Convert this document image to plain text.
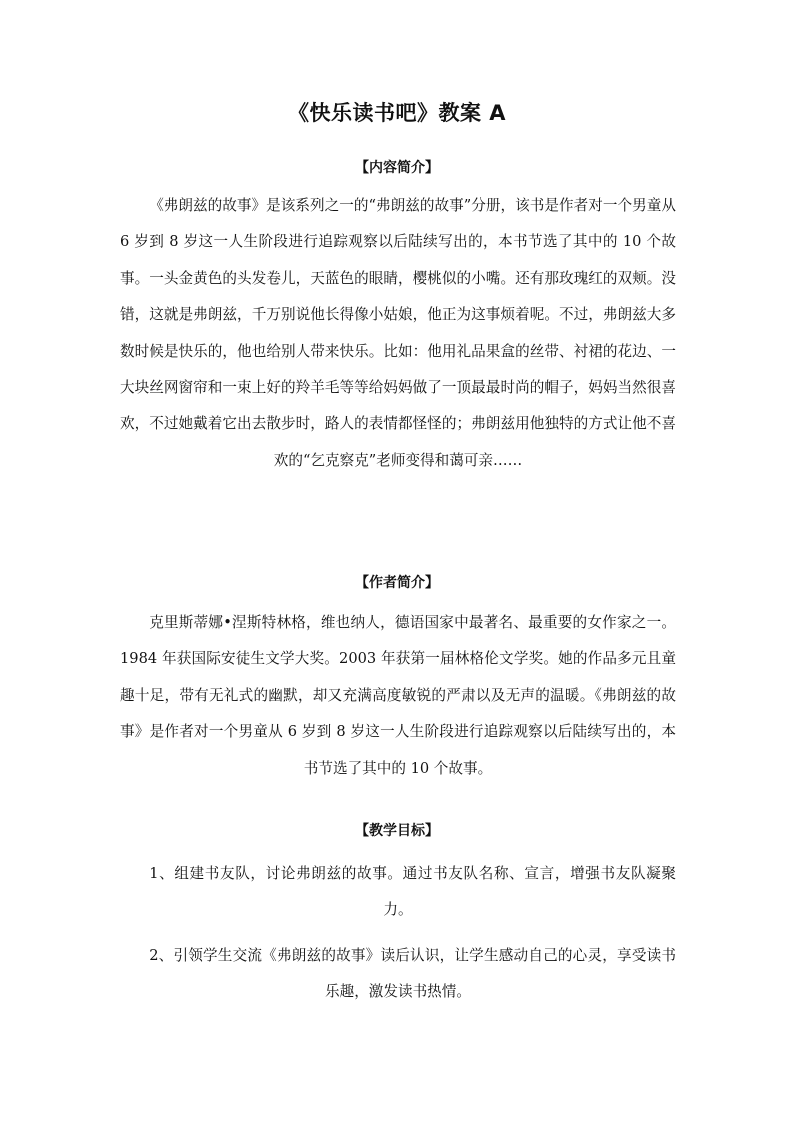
《快乐读书吧》教案 A
【内容简介】

《弗朗兹的故事》是该系列之一的“弗朗兹的故事”分册，该书是作者对一个男童从 6 岁到 8 岁这一人生阶段进行追踪观察以后陆续写出的，本书节选了其中的 10 个故事。一头金黄色的头发卷儿，天蓝色的眼睛，樱桃似的小嘴。还有那玫瑰红的双颊。没错，这就是弗朗兹，千万别说他长得像小姑娘，他正为这事烦着呢。不过，弗朗兹大多数时候是快乐的，他也给别人带来快乐。比如：他用礼品果盒的丝带、衬裙的花边、一大块丝网窗帘和一束上好的羚羊毛等等给妈妈做了一顶最最时尚的帽子，妈妈当然很喜欢，不过她戴着它出去散步时，路人的表情都怪怪的；弗朗兹用他独特的方式让他不喜欢的“乞克察克”老师变得和蔼可亲……

【作者简介】

克里斯蒂娜•涅斯特林格，维也纳人，德语国家中最著名、最重要的女作家之一。1984 年获国际安徒生文学大奖。2003 年获第一届林格伦文学奖。她的作品多元且童趣十足，带有无礼式的幽默，却又充满高度敏锐的严肃以及无声的温暖。《弗朗兹的故事》是作者对一个男童从 6 岁到 8 岁这一人生阶段进行追踪观察以后陆续写出的，本书节选了其中的 10 个故事。

【教学目标】

1、组建书友队，讨论弗朗兹的故事。通过书友队名称、宣言，增强书友队凝聚力。

2、引领学生交流《弗朗兹的故事》读后认识，让学生感动自己的心灵，享受读书乐趣，激发读书热情。
